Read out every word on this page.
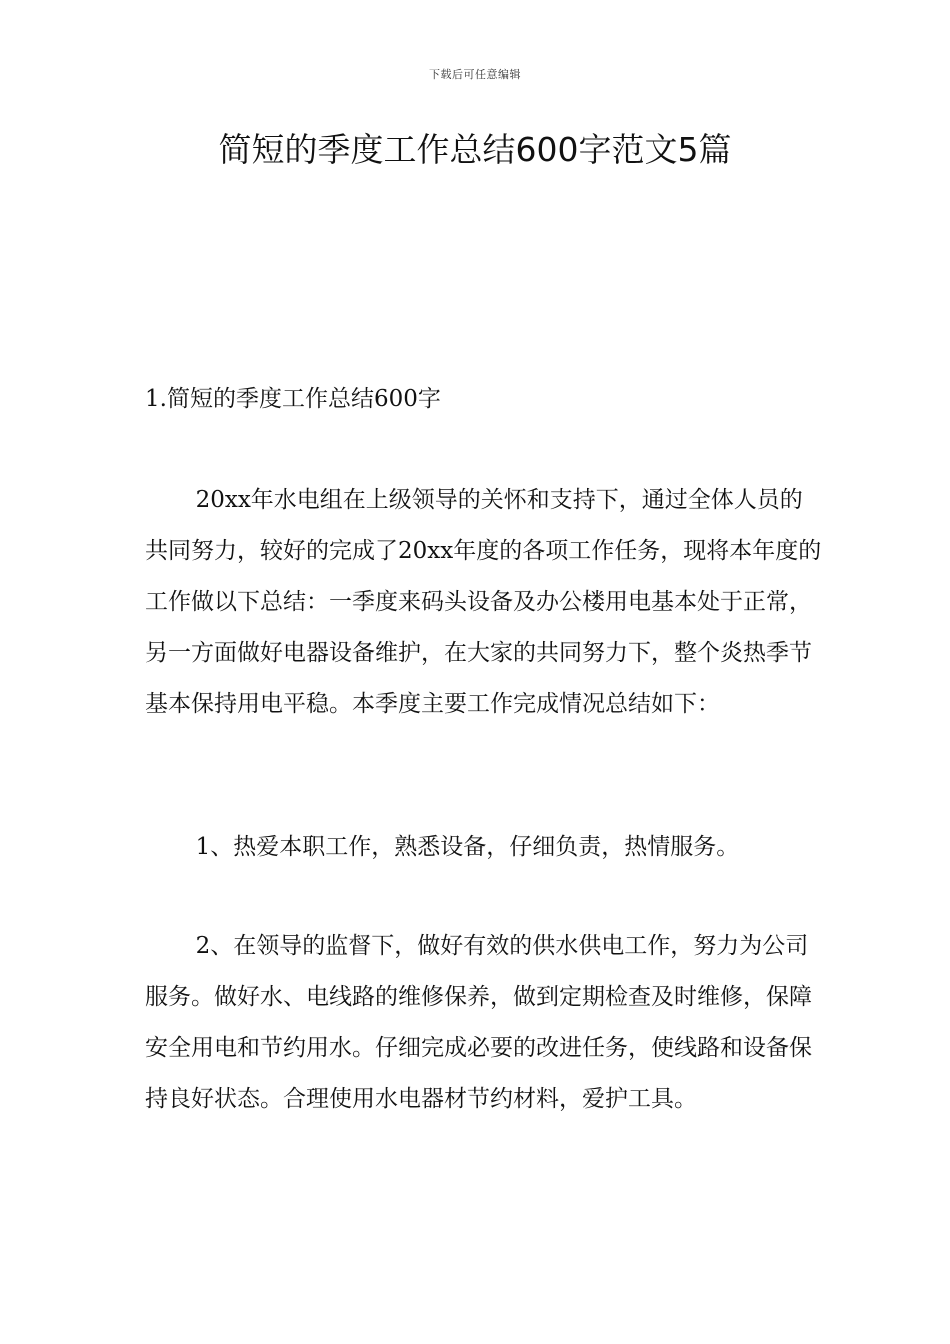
下载后可任意编辑
简短的季度工作总结600字范文5篇
1.简短的季度工作总结600字

20xx年水电组在上级领导的关怀和支持下，通过全体人员的共同努力，较好的完成了20xx年度的各项工作任务，现将本年度的工作做以下总结：一季度来码头设备及办公楼用电基本处于正常，另一方面做好电器设备维护，在大家的共同努力下，整个炎热季节基本保持用电平稳。本季度主要工作完成情况总结如下：

1、热爱本职工作，熟悉设备，仔细负责，热情服务。

2、在领导的监督下，做好有效的供水供电工作，努力为公司服务。做好水、电线路的维修保养，做到定期检查及时维修，保障安全用电和节约用水。仔细完成必要的改进任务，使线路和设备保持良好状态。合理使用水电器材节约材料，爱护工具。
